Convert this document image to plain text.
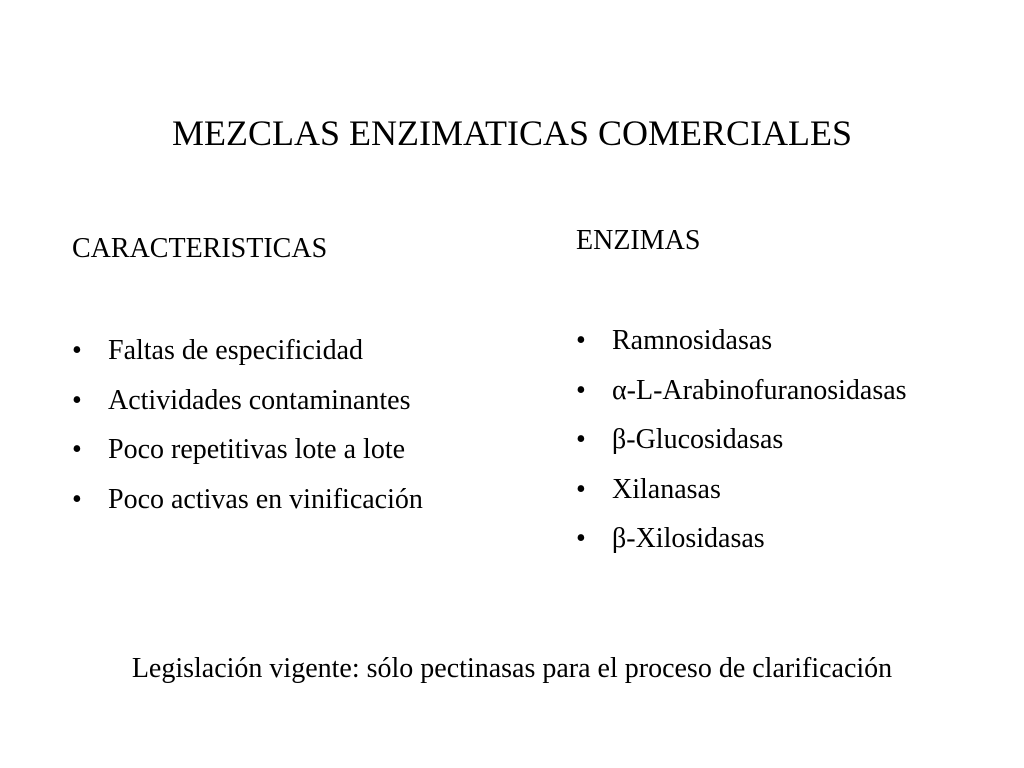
MEZCLAS ENZIMATICAS COMERCIALES
CARACTERISTICAS
• Faltas de especificidad
• Actividades contaminantes
• Poco repetitivas lote a lote
• Poco activas en vinificación
ENZIMAS
• Ramnosidasas
• α-L-Arabinofuranosidasas
• β-Glucosidasas
• Xilanasas
• β-Xilosidasas
Legislación vigente: sólo pectinasas para el proceso de clarificación
